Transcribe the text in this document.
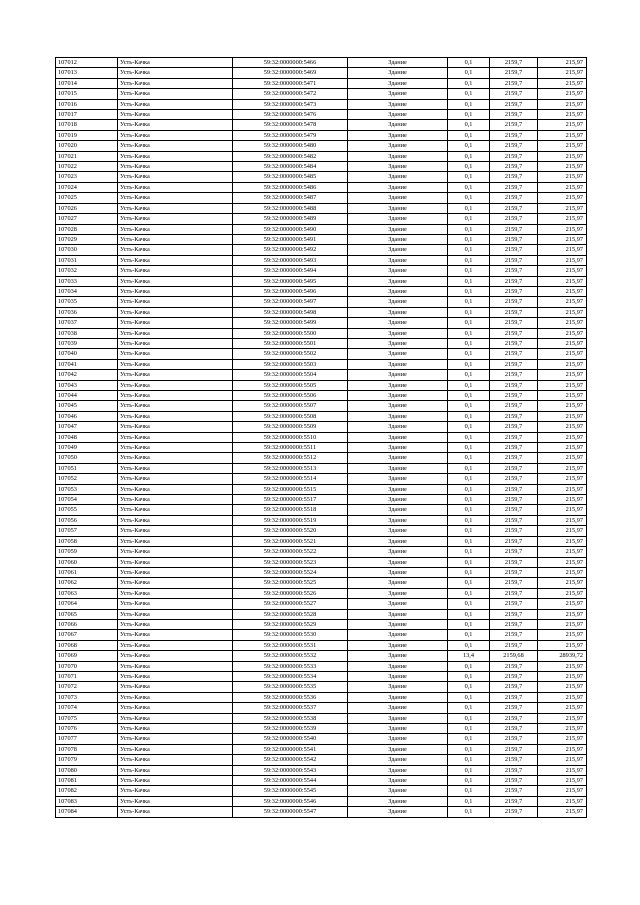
107012	Усть-Качка	59:32:0000000:5466	Здание	0,1	2159,7	215,97
107013	Усть-Качка	59:32:0000000:5469	Здание	0,1	2159,7	215,97
107014	Усть-Качка	59:32:0000000:5471	Здание	0,1	2159,7	215,97
107015	Усть-Качка	59:32:0000000:5472	Здание	0,1	2159,7	215,97
107016	Усть-Качка	59:32:0000000:5473	Здание	0,1	2159,7	215,97
107017	Усть-Качка	59:32:0000000:5476	Здание	0,1	2159,7	215,97
107018	Усть-Качка	59:32:0000000:5478	Здание	0,1	2159,7	215,97
107019	Усть-Качка	59:32:0000000:5479	Здание	0,1	2159,7	215,97
107020	Усть-Качка	59:32:0000000:5480	Здание	0,1	2159,7	215,97
107021	Усть-Качка	59:32:0000000:5482	Здание	0,1	2159,7	215,97
107022	Усть-Качка	59:32:0000000:5484	Здание	0,1	2159,7	215,97
107023	Усть-Качка	59:32:0000000:5485	Здание	0,1	2159,7	215,97
107024	Усть-Качка	59:32:0000000:5486	Здание	0,1	2159,7	215,97
107025	Усть-Качка	59:32:0000000:5487	Здание	0,1	2159,7	215,97
107026	Усть-Качка	59:32:0000000:5488	Здание	0,1	2159,7	215,97
107027	Усть-Качка	59:32:0000000:5489	Здание	0,1	2159,7	215,97
107028	Усть-Качка	59:32:0000000:5490	Здание	0,1	2159,7	215,97
107029	Усть-Качка	59:32:0000000:5491	Здание	0,1	2159,7	215,97
107030	Усть-Качка	59:32:0000000:5492	Здание	0,1	2159,7	215,97
107031	Усть-Качка	59:32:0000000:5493	Здание	0,1	2159,7	215,97
107032	Усть-Качка	59:32:0000000:5494	Здание	0,1	2159,7	215,97
107033	Усть-Качка	59:32:0000000:5495	Здание	0,1	2159,7	215,97
107034	Усть-Качка	59:32:0000000:5496	Здание	0,1	2159,7	215,97
107035	Усть-Качка	59:32:0000000:5497	Здание	0,1	2159,7	215,97
107036	Усть-Качка	59:32:0000000:5498	Здание	0,1	2159,7	215,97
107037	Усть-Качка	59:32:0000000:5499	Здание	0,1	2159,7	215,97
107038	Усть-Качка	59:32:0000000:5500	Здание	0,1	2159,7	215,97
107039	Усть-Качка	59:32:0000000:5501	Здание	0,1	2159,7	215,97
107040	Усть-Качка	59:32:0000000:5502	Здание	0,1	2159,7	215,97
107041	Усть-Качка	59:32:0000000:5503	Здание	0,1	2159,7	215,97
107042	Усть-Качка	59:32:0000000:5504	Здание	0,1	2159,7	215,97
107043	Усть-Качка	59:32:0000000:5505	Здание	0,1	2159,7	215,97
107044	Усть-Качка	59:32:0000000:5506	Здание	0,1	2159,7	215,97
107045	Усть-Качка	59:32:0000000:5507	Здание	0,1	2159,7	215,97
107046	Усть-Качка	59:32:0000000:5508	Здание	0,1	2159,7	215,97
107047	Усть-Качка	59:32:0000000:5509	Здание	0,1	2159,7	215,97
107048	Усть-Качка	59:32:0000000:5510	Здание	0,1	2159,7	215,97
107049	Усть-Качка	59:32:0000000:5511	Здание	0,1	2159,7	215,97
107050	Усть-Качка	59:32:0000000:5512	Здание	0,1	2159,7	215,97
107051	Усть-Качка	59:32:0000000:5513	Здание	0,1	2159,7	215,97
107052	Усть-Качка	59:32:0000000:5514	Здание	0,1	2159,7	215,97
107053	Усть-Качка	59:32:0000000:5515	Здание	0,1	2159,7	215,97
107054	Усть-Качка	59:32:0000000:5517	Здание	0,1	2159,7	215,97
107055	Усть-Качка	59:32:0000000:5518	Здание	0,1	2159,7	215,97
107056	Усть-Качка	59:32:0000000:5519	Здание	0,1	2159,7	215,97
107057	Усть-Качка	59:32:0000000:5520	Здание	0,1	2159,7	215,97
107058	Усть-Качка	59:32:0000000:5521	Здание	0,1	2159,7	215,97
107059	Усть-Качка	59:32:0000000:5522	Здание	0,1	2159,7	215,97
107060	Усть-Качка	59:32:0000000:5523	Здание	0,1	2159,7	215,97
107061	Усть-Качка	59:32:0000000:5524	Здание	0,1	2159,7	215,97
107062	Усть-Качка	59:32:0000000:5525	Здание	0,1	2159,7	215,97
107063	Усть-Качка	59:32:0000000:5526	Здание	0,1	2159,7	215,97
107064	Усть-Качка	59:32:0000000:5527	Здание	0,1	2159,7	215,97
107065	Усть-Качка	59:32:0000000:5528	Здание	0,1	2159,7	215,97
107066	Усть-Качка	59:32:0000000:5529	Здание	0,1	2159,7	215,97
107067	Усть-Качка	59:32:0000000:5530	Здание	0,1	2159,7	215,97
107068	Усть-Качка	59:32:0000000:5531	Здание	0,1	2159,7	215,97
107069	Усть-Качка	59:32:0000000:5532	Здание	13,4	2159,68	28939,72
107070	Усть-Качка	59:32:0000000:5533	Здание	0,1	2159,7	215,97
107071	Усть-Качка	59:32:0000000:5534	Здание	0,1	2159,7	215,97
107072	Усть-Качка	59:32:0000000:5535	Здание	0,1	2159,7	215,97
107073	Усть-Качка	59:32:0000000:5536	Здание	0,1	2159,7	215,97
107074	Усть-Качка	59:32:0000000:5537	Здание	0,1	2159,7	215,97
107075	Усть-Качка	59:32:0000000:5538	Здание	0,1	2159,7	215,97
107076	Усть-Качка	59:32:0000000:5539	Здание	0,1	2159,7	215,97
107077	Усть-Качка	59:32:0000000:5540	Здание	0,1	2159,7	215,97
107078	Усть-Качка	59:32:0000000:5541	Здание	0,1	2159,7	215,97
107079	Усть-Качка	59:32:0000000:5542	Здание	0,1	2159,7	215,97
107080	Усть-Качка	59:32:0000000:5543	Здание	0,1	2159,7	215,97
107081	Усть-Качка	59:32:0000000:5544	Здание	0,1	2159,7	215,97
107082	Усть-Качка	59:32:0000000:5545	Здание	0,1	2159,7	215,97
107083	Усть-Качка	59:32:0000000:5546	Здание	0,1	2159,7	215,97
107084	Усть-Качка	59:32:0000000:5547	Здание	0,1	2159,7	215,97
